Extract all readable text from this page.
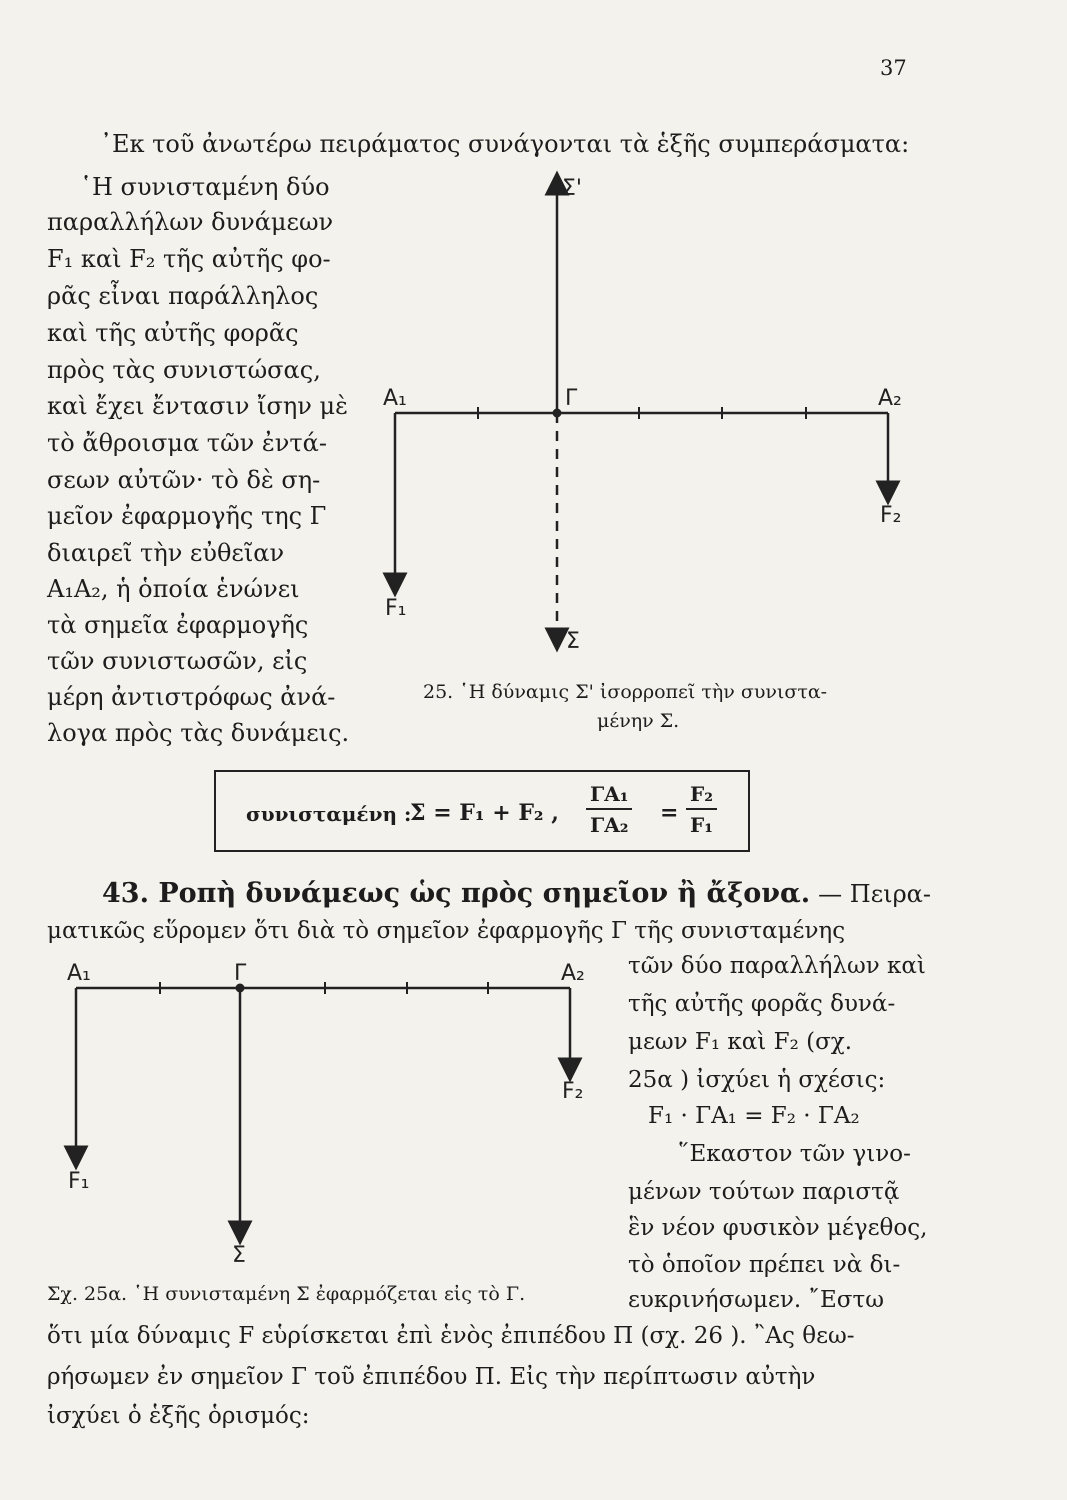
37
᾿Εκ τοῦ ἀνωτέρω πειράματος συνάγονται τὰ ἑξῆς συμπεράσματα:
῾Η συνισταμένη δύο
παραλλήλων δυνάμεων
F₁ καὶ F₂ τῆς αὐτῆς φο-
ρᾶς εἶναι παράλληλος
καὶ τῆς αὐτῆς φορᾶς
πρὸς τὰς συνιστώσας,
καὶ ἔχει ἔντασιν ἴσην μὲ
τὸ ἄθροισμα τῶν ἐντά-
σεων αὐτῶν· τὸ δὲ ση-
μεῖον ἐφαρμογῆς της Γ
διαιρεῖ τὴν εὐθεῖαν
A₁A₂, ἡ ὁποία ἑνώνει
τὰ σημεῖα ἐφαρμογῆς
τῶν συνιστωσῶν, εἰς
μέρη ἀντιστρόφως ἀνά-
λογα πρὸς τὰς δυνάμεις.
Σ'
A₁	Γ	A₂
F₂
F₁
Σ
A₁	Γ	A₂
F₂
F₁
Σ
25. ῾Η δύναμις Σ' ἰσορροπεῖ τὴν συνιστα-
μένην Σ.
συνισταμένη :
Σ = F₁ + F₂ , $\frac{\text{ΓA₁}}{\text{ΓA₂}} = \frac{\text{F₂}}{\text{F₁}}$
43. Ροπὴ δυνάμεως ὡς πρὸς σημεῖον ἢ ἄξονα. — Πειρα-
ματικῶς εὕρομεν ὅτι διὰ τὸ σημεῖον ἐφαρμογῆς Γ τῆς συνισταμένης
τῶν δύο παραλλήλων καὶ
τῆς αὐτῆς φορᾶς δυνά-
μεων F₁ καὶ F₂ (σχ.
25α ) ἰσχύει ἡ σχέσις:
F₁ · ΓA₁ = F₂ · ΓA₂
῞Εκαστον τῶν γινο-
μένων τούτων παριστᾷ
ἓν νέον φυσικὸν μέγεθος,
τὸ ὁποῖον πρέπει νὰ δι-
ευκρινήσωμεν. ῎Εστω
Σχ. 25α. ῾Η συνισταμένη Σ ἐφαρμόζεται εἰς τὸ Γ.
ὅτι μία δύναμις F εὑρίσκεται ἐπὶ ἑνὸς ἐπιπέδου Π (σχ. 26 ). ῍Ας θεω-
ρήσωμεν ἐν σημεῖον Γ τοῦ ἐπιπέδου Π. Εἰς τὴν περίπτωσιν αὐτὴν
ἰσχύει ὁ ἑξῆς ὁρισμός:
